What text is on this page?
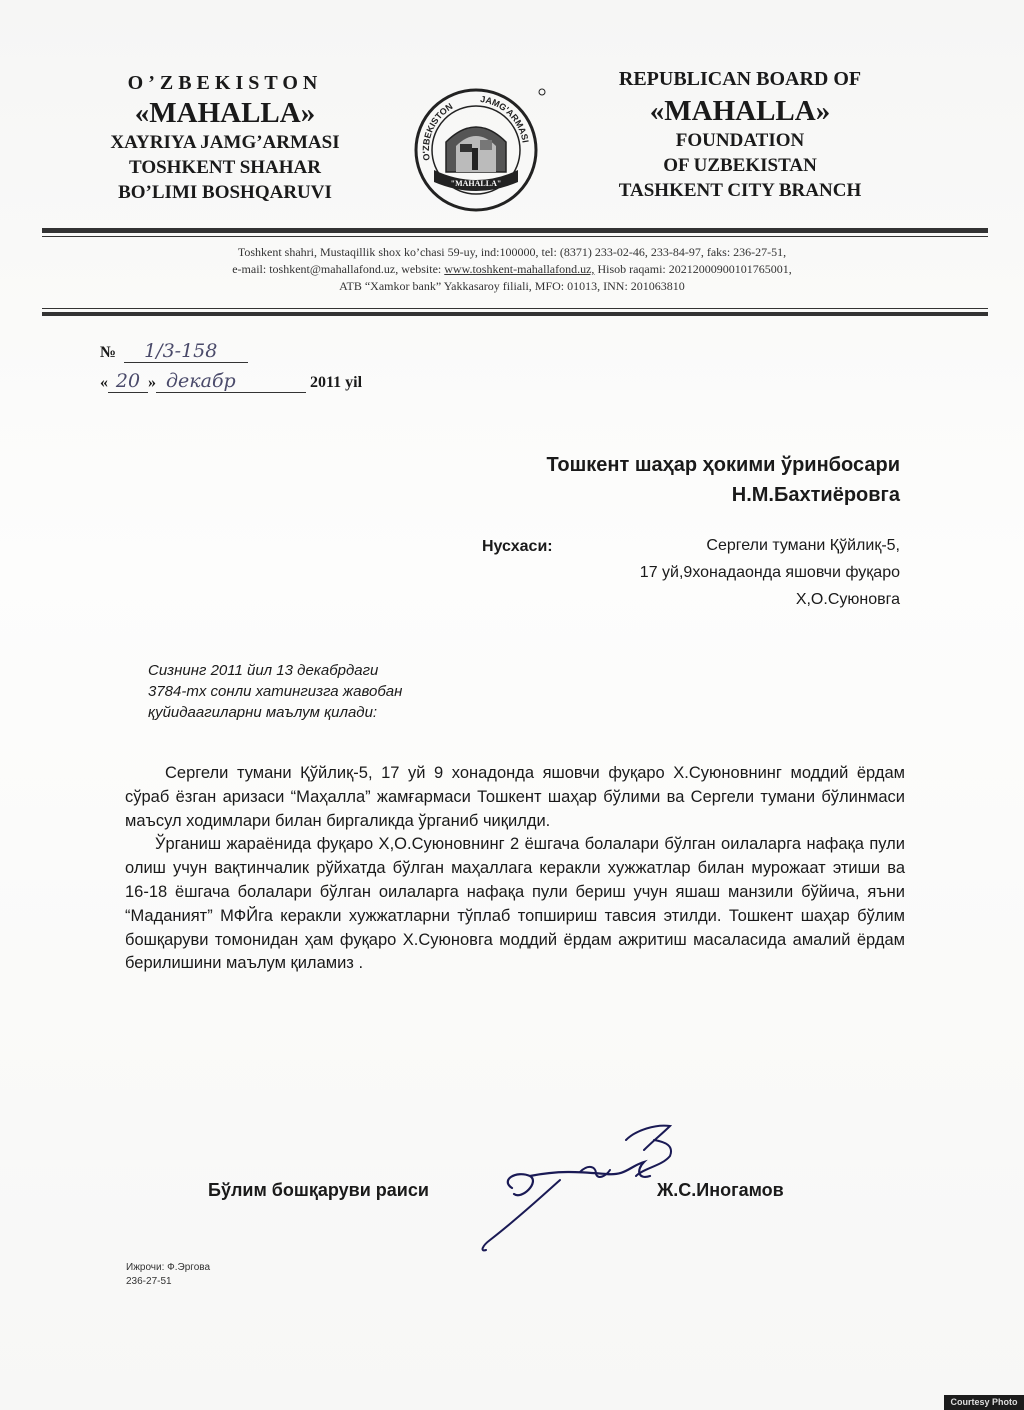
O’ZBEKISTON
«MAHALLA»
XAYRIYA JAMG’ARMASI
TOSHKENT SHAHAR
BO’LIMI BOSHQARUVI
O'ZBEKISTON
JAMG'ARMASI
"MAHALLA"
REPUBLICAN BOARD OF
«MAHALLA»
FOUNDATION
OF UZBEKISTAN
TASHKENT CITY BRANCH
Toshkent shahri, Mustaqillik shox ko’chasi 59-uy, ind:100000, tel: (8371) 233-02-46, 233-84-97, faks: 236-27-51,
e-mail: toshkent@mahallafond.uz, website: www.toshkent-mahallafond.uz, Hisob raqami: 20212000900101765001,
ATB “Xamkor bank” Yakkasaroy filiali, MFO: 01013, INN: 201063810
№ 1/3-158
« 20 » декабр	2011 yil
Тошкент шаҳар ҳокими ўринбосари
Н.М.Бахтиёровга
Нусхаси:	Сергели тумани Қўйлиқ-5,
17 уй,9хонадаонда яшовчи фуқаро
Х,О.Суюновга
Сизнинг 2011 йил 13 декабрдаги
3784-тх сонли хатингизга жавобан
қуйидаагиларни маълум қилади:

Сергели тумани Қўйлиқ-5, 17 уй 9 хонадонда яшовчи фуқаро Х.Суюновнинг моддий ёрдам сўраб ёзган аризаси “Маҳалла” жамғармаси Тошкент шаҳар бўлими ва Сергели тумани бўлинмаси маъсул ходимлари билан биргаликда ўрганиб чиқилди.

Ўрганиш жараёнида фуқаро Х,О.Суюновнинг 2 ёшгача болалари бўлган оилаларга нафақа пули олиш учун вақтинчалик рўйхатда бўлган маҳаллага керакли хужжатлар билан мурожаат этиши ва 16-18 ёшгача болалари бўлган оилаларга нафақа пули бериш учун яшаш манзили бўйича, яъни “Маданият” МФЙга керакли хужжатларни тўплаб топшириш тавсия этилди. Тошкент шаҳар бўлим бошқаруви томонидан ҳам фуқаро Х.Суюновга моддий ёрдам ажритиш масаласида амалий ёрдам берилишини маълум қиламиз .

Бўлим бошқаруви раиси	Ж.С.Иногамов
Ижрочи: Ф.Эргова
236-27-51
Courtesy Photo
